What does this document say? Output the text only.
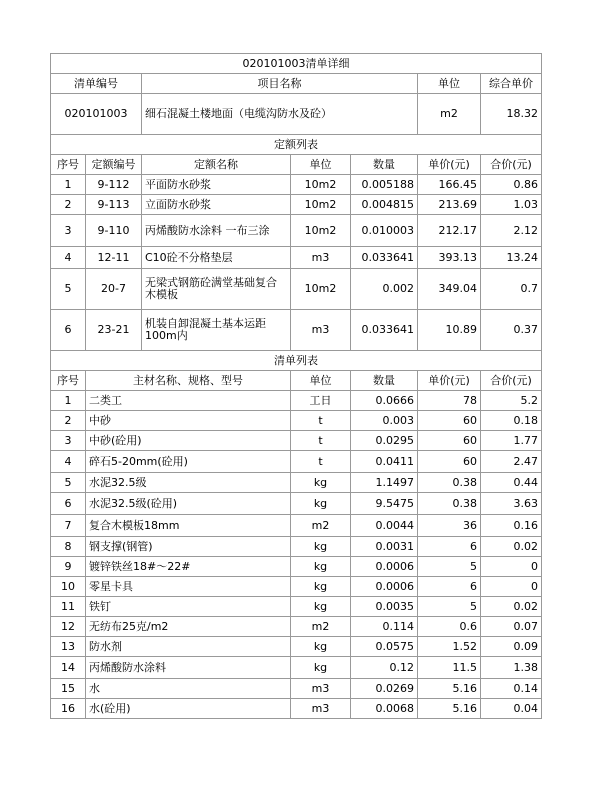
020101003清单详细						
清单编号		项目名称			单位	综合单价
020101003		细石混凝土楼地面（电缆沟防水及砼）			m2	18.32
定额列表						
序号	定额编号	定额名称	单位	数量	单价(元)	合价(元)
1	9-112	平面防水砂浆	10m2	0.005188	166.45	0.86
2	9-113	立面防水砂浆	10m2	0.004815	213.69	1.03
3	9-110	丙烯酸防水涂料 一布三涂	10m2	0.010003	212.17	2.12
4	12-11	C10砼不分格垫层	m3	0.033641	393.13	13.24
5	20-7	无梁式钢筋砼满堂基础复合木模板	10m2	0.002	349.04	0.7
6	23-21	机装自卸混凝土基本运距100m内	m3	0.033641	10.89	0.37
清单列表						
序号	主材名称、规格、型号		单位	数量	单价(元)	合价(元)
1	二类工		工日	0.0666	78	5.2
2	中砂		t	0.003	60	0.18
3	中砂(砼用)		t	0.0295	60	1.77
4	碎石5-20mm(砼用)		t	0.0411	60	2.47
5	水泥32.5级		kg	1.1497	0.38	0.44
6	水泥32.5级(砼用)		kg	9.5475	0.38	3.63
7	复合木模板18mm		m2	0.0044	36	0.16
8	钢支撑(钢管)		kg	0.0031	6	0.02
9	镀锌铁丝18#～22#		kg	0.0006	5	0
10	零星卡具		kg	0.0006	6	0
11	铁钉		kg	0.0035	5	0.02
12	无纺布25克/m2		m2	0.114	0.6	0.07
13	防水剂		kg	0.0575	1.52	0.09
14	丙烯酸防水涂料		kg	0.12	11.5	1.38
15	水		m3	0.0269	5.16	0.14
16	水(砼用)		m3	0.0068	5.16	0.04
